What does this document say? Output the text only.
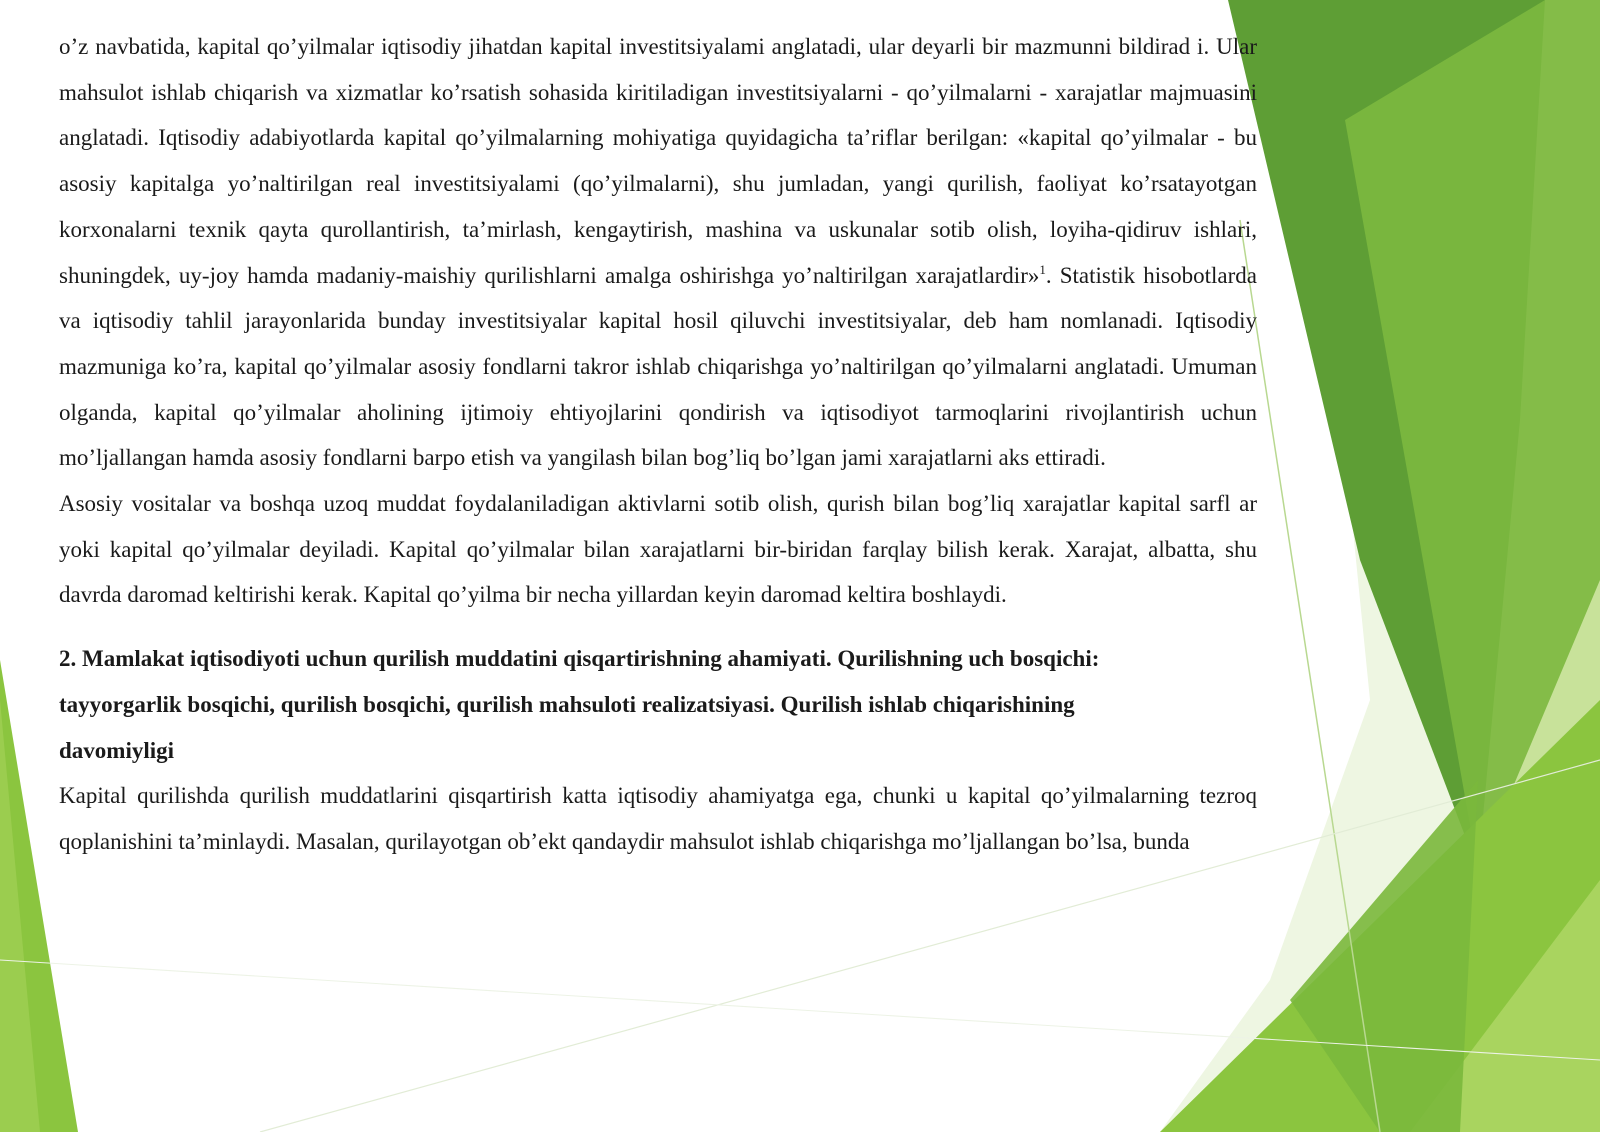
o’z navbatida, kapital qo’yilmalar iqtisodiy jihatdan kapital investitsiyalami anglatadi, ular deyarli bir mazmunni bildirad i. Ular mahsulot ishlab chiqarish va xizmatlar ko’rsatish sohasida kiritiladigan investitsiyalarni - qo’yilmalarni - xarajatlar majmuasini anglatadi. Iqtisodiy adabiyotlarda kapital qo’yilmalarning mohiyatiga quyidagicha ta’riflar berilgan: «kapital qo’yilmalar - bu asosiy kapitalga yo’naltirilgan real investitsiyalami (qo’yilmalarni), shu jumladan, yangi qurilish, faoliyat ko’rsatayotgan korxonalarni texnik qayta qurollantirish, ta’mirlash, kengaytirish, mashina va uskunalar sotib olish, loyiha-qidiruv ishlari, shuningdek, uy-joy hamda madaniy-maishiy qurilishlarni amalga oshirishga yo’naltirilgan xarajatlardir»$^1$. Statistik hisobotlarda va iqtisodiy tahlil jarayonlarida bunday investitsiyalar kapital hosil qiluvchi investitsiyalar, deb ham nomlanadi. Iqtisodiy mazmuniga ko’ra, kapital qo’yilmalar asosiy fondlarni takror ishlab chiqarishga yo’naltirilgan qo’yilmalarni anglatadi. Umuman olganda, kapital qo’yilmalar aholining ijtimoiy ehtiyojlarini qondirish va iqtisodiyot tarmoqlarini rivojlantirish uchun mo’ljallangan hamda asosiy fondlarni barpo etish va yangilash bilan bog’liq bo’lgan jami xarajatlarni aks ettiradi.

Asosiy vositalar va boshqa uzoq muddat foydalaniladigan aktivlarni sotib olish, qurish bilan bog’liq xarajatlar kapital sarfl ar yoki kapital qo’yilmalar deyiladi. Kapital qo’yilmalar bilan xarajatlarni bir-biridan farqlay bilish kerak. Xarajat, albatta, shu davrda daromad keltirishi kerak. Kapital qo’yilma bir necha yillardan keyin daromad keltira boshlaydi.

2. Mamlakat iqtisodiyoti uchun qurilish muddatini qisqartirishning ahamiyati. Qurilishning uch bosqichi: tayyorgarlik bosqichi, qurilish bosqichi, qurilish mahsuloti realizatsiyasi. Qurilish ishlab chiqarishining davomiyligi

Kapital qurilishda qurilish muddatlarini qisqartirish katta iqtisodiy ahamiyatga ega, chunki u kapital qo’yilmalarning tezroq qoplanishini ta’minlaydi. Masalan, qurilayotgan ob’ekt qandaydir mahsulot ishlab chiqarishga mo’ljallangan bo’lsa, bunda
